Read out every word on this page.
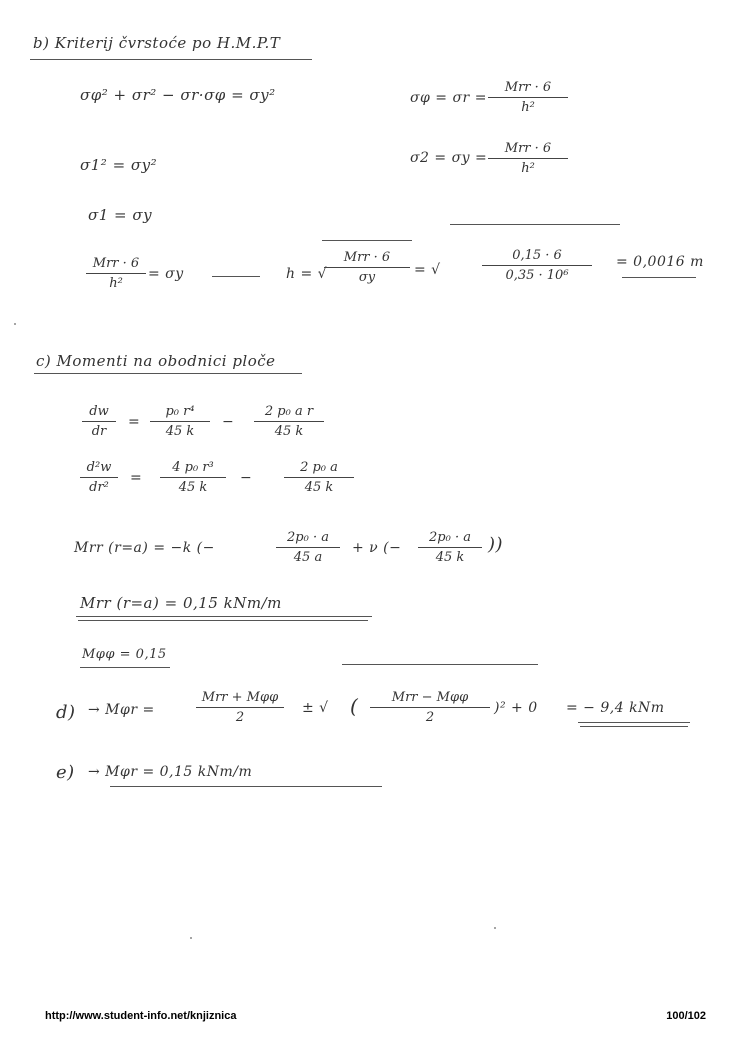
b) Kriterij čvrstoće po H.M.P.T
σφ² + σr² − σr·σφ = σy²	σφ = σr =
Mrr · 6
h²
σ1² = σy²	σ2 = σy =
Mrr · 6
h²
σ1 = σy
Mrr · 6
h²
= σy	h = √
Mrr · 6
σy	= √	$\frac{0,15 \cdot 6}{\text{0,35 · 10⁶}} = 0,0016$ m
c) Momenti na obodnici ploče
$\frac{dw}{dr} = \frac{\text{p₀ r⁴}}{45 k} - \frac{\text{2 p₀ a r}}{45 k}$
$\frac{\text{d²w}}{\text{dr²}} = \frac{\text{4 p₀ r³}}{45 k} - \frac{\text{2 p₀ a}}{45 k}$
Mrr (r=a) = −k (−	$\frac{\text{2p₀ · a}}{45 a} + \nu$ (− $\frac{\text{2p₀ · a}}{45 k}$ ))
Mrr (r=a) = 0,15 kNm/m
Mφφ = 0,15
d) → Mφr =
Mrr + Mφφ
2
± √ (	Mrr − Mφφ
2
)² + 0 = − 9,4 kNm
e) → Mφr = 0,15 kNm/m
http://www.student-info.net/knjiznica	100/102
